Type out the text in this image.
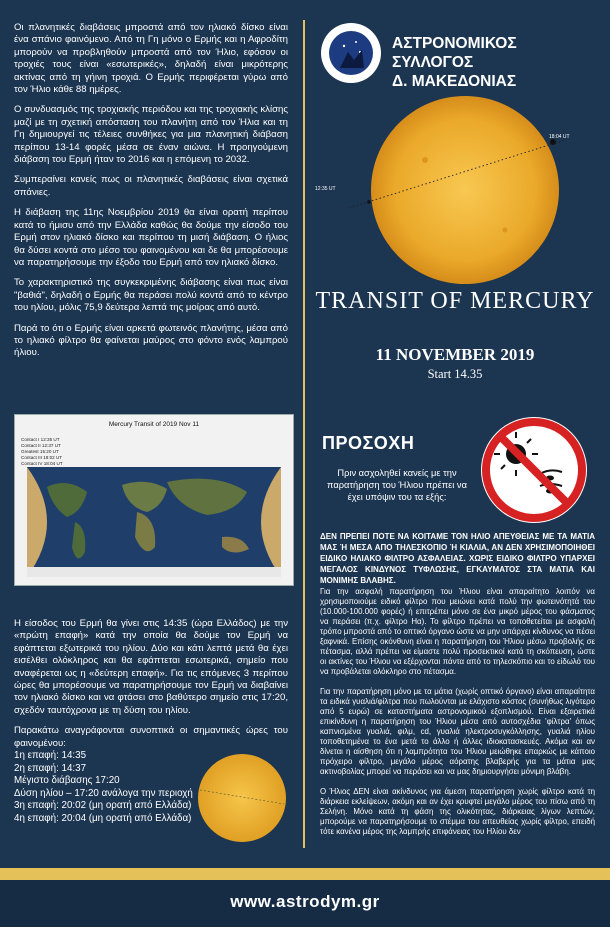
Οι πλανητικές διαβάσεις μπροστά από τον ηλιακό δίσκο είναι ένα σπάνιο φαινόμενο. Από τη Γη μόνο ο Ερμής και η Αφροδίτη μπορούν να προβληθούν μπροστά από τον Ήλιο, εφόσον οι τροχιές τους είναι «εσωτερικές», δηλαδή είναι μικρότερης ακτίνας από τη γήινη τροχιά. Ο Ερμής περιφέρεται γύρω από τον Ήλιο κάθε 88 ημέρες.

Ο συνδυασμός της τροχιακής περιόδου και της τροχιακής κλίσης μαζί με τη σχετική απόσταση του πλανήτη από τον Ήλια και τη Γη δημιουργεί τις τέλειες συνθήκες για μια πλανητική διάβαση περίπου 13-14 φορές μέσα σε έναν αιώνα. Η προηγούμενη διάβαση του Ερμή ήταν το 2016 και η επόμενη το 2032.

Συμπεραίνει κανείς πως οι πλανητικές διαβάσεις είναι σχετικά σπάνιες.

Η διάβαση της 11ης Νοεμβρίου 2019 θα είναι ορατή περίπου κατά το ήμισυ από την Ελλάδα καθώς θα δούμε την είσοδο του Ερμή στον ηλιακό δίσκο και περίπου τη μισή διάβαση. Ο ήλιος θα δύσει κοντά στο μέσο του φαινομένου και δε θα μπορέσουμε να παρατηρήσουμε την έξοδο του Ερμή από τον ηλιακό δίσκο.

Το χαρακτηριστικό της συγκεκριμένης διάβασης είναι πως είναι "βαθιά", δηλαδή ο Ερμής θα περάσει πολύ κοντά από το κέντρο του ηλίου, μόλις 75,9 δεύτερα λεπτά της μοίρας από αυτό.

Παρά το ότι ο Ερμής είναι αρκετά φωτεινός πλανήτης, μέσα από το ηλιακό φίλτρο θα φαίνεται μαύρος στο φόντο ενός λαμπρού ήλιου.

Mercury Transit of 2019 Nov 11
Contact I 12:35 UT
Contact II 12:37 UT
Greatest 15:20 UT
Contact III 18:02 UT
Contact IV 18:04 UT

Η είσοδος του Ερμή θα γίνει στις 14:35 (ώρα Ελλάδος) με την «πρώτη επαφή» κατά την οποία θα δούμε τον Ερμή να εφάπτεται εξωτερικά του ηλίου. Δύο και κάτι λεπτά μετά θα έχει εισέλθει ολόκληρος και θα εφάπτεται εσωτερικά, σημείο που αναφέρεται ως η «δεύτερη επαφή». Για τις επόμενες 3 περίπου ώρες θα μπορέσουμε να παρατηρήσουμε τον Ερμή να διαβαίνει τον ηλιακό δίσκο και να φτάσει στο βαθύτερο σημείο στις 17:20, σχεδόν ταυτόχρονα με τη δύση του ηλίου.

Παρακάτω αναγράφονται συνοπτικά οι σημαντικές ώρες του φαινομένου:

1η επαφή: 14:35
2η επαφή: 14:37
Μέγιστο διάβασης 17:20
Δύση ηλίου – 17:20 ανάλογα την περιοχή
3η επαφή: 20:02 (μη ορατή από Ελλάδα)
4η επαφή: 20:04 (μη ορατή από Ελλάδα)
ΑΣΤΡΟΝΟΜΙΚΟΣ ΣΥΛΛΟΓΟΣ
Δ. ΜΑΚΕΔΟΝΙΑΣ
12:35 UT
18:04 UT
TRANSIT OF MERCURY
11 NOVEMBER 2019
Start 14.35
ΠΡΟΣΟΧΗ
Πριν ασχοληθεί κανείς με την παρατήρηση του Ήλιου πρέπει να έχει υπόψιν του τα εξής:
ΔΕΝ ΠΡΕΠΕΙ ΠΟΤΕ ΝΑ ΚΟΙΤΑΜΕ ΤΟΝ ΗΛΙΟ ΑΠΕΥΘΕΙΑΣ ΜΕ ΤΑ ΜΑΤΙΑ ΜΑΣ Ή ΜΕΣΑ ΑΠΟ ΤΗΛΕΣΚΟΠΙΟ Ή ΚΙΑΛΙΑ, ΑΝ ΔΕΝ ΧΡΗΣΙΜΟΠΟΙΗΘΕΙ ΕΙΔΙΚΟ ΗΛΙΑΚΟ ΦΙΛΤΡΟ ΑΣΦΑΛΕΙΑΣ. ΧΩΡΙΣ ΕΙΔΙΚΟ ΦΙΛΤΡΟ ΥΠΑΡΧΕΙ ΜΕΓΑΛΟΣ ΚΙΝΔΥΝΟΣ ΤΥΦΛΩΣΗΣ, ΕΓΚΑΥΜΑΤΟΣ ΣΤΑ ΜΑΤΙΑ ΚΑΙ ΜΟΝΙΜΗΣ ΒΛΑΒΗΣ.

Για την ασφαλή παρατήρηση του Ήλιου είναι απαραίτητο λοιπόν να χρησιμοποιούμε ειδικό φίλτρο που μειώνει κατά πολύ την φωτεινότητά του (10.000-100.000 φορές) ή επιτρέπει μόνο σε ένα μικρό μέρος του φάσματος να περάσει (π.χ. φίλτρο Hα). Το φίλτρο πρέπει να τοποθετείται με ασφαλή τρόπο μπροστά από το οπτικό όργανο ώστε να μην υπάρχει κίνδυνος να πέσει ξαφνικά. Επίσης οκόνθυνη είναι η παρατήρηση του Ήλιου μέσω προβολής σε πέτασμα, αλλά πρέπει να είμαστε πολύ προσεκτικοί κατά τη σκόπευση, ώστε οι ακτίνες του Ήλιου να εξέρχονται πάντα από το τηλεσκόπιο και το είδωλό του να προβάλεται ολόκληρο στο πέτασμα.

Για την παρατήρηση μόνο με τα μάτια (χωρίς οπτικό όργανο) είναι απαραίτητα τα ειδικά γυαλιά/φίλτρα που πωλούνται με ελάχιστο κόστος (συνήθως λιγότερο από 5 ευρώ) σε καταστήματα αστρονομικού εξοπλισμού. Είναι εξαιρετικά επικίνδυνη η παρατήρηση του Ήλιου μέσα από αυτοσχέδια 'φίλτρα' όπως καπνισμένα γυαλιά, φιλμ, cd, γυαλιά ηλεκτροσυγκόλλησης, γυαλιά ηλίου τοποθετημένα το ένα μετά το άλλο ή άλλες ιδιοκατασκευές. Ακόμα και αν δίνεται η αίσθηση ότι η λαμπρότητα του Ήλιου μειώθηκε επαρκώς με κάποιο πρόχειρο φίλτρο, μεγάλο μέρος αόρατης βλαβερής για τα μάτια μας ακτινοβολίας μπορεί να περάσει και να μας δημιουργήσει μόνιμη βλάβη.

Ο Ήλιος ΔΕΝ είναι ακίνδυνος για άμεση παρατήρηση χωρίς φίλτρο κατά τη διάρκεια εκλείψεων, ακόμη και αν έχει κρυφτεί μεγάλο μέρος του πίσω από τη Σελήνη. Μόνο κατά τη φάση της ολικότητας, διάρκειας λίγων λεπτών, μπορούμε να παρατηρήσουμε το στέμμα του απευθείας χωρίς φίλτρο, επειδή τότε κανένα μέρος της λαμπρής επιφάνειας του Ηλίου δεν

www.astrodym.gr
